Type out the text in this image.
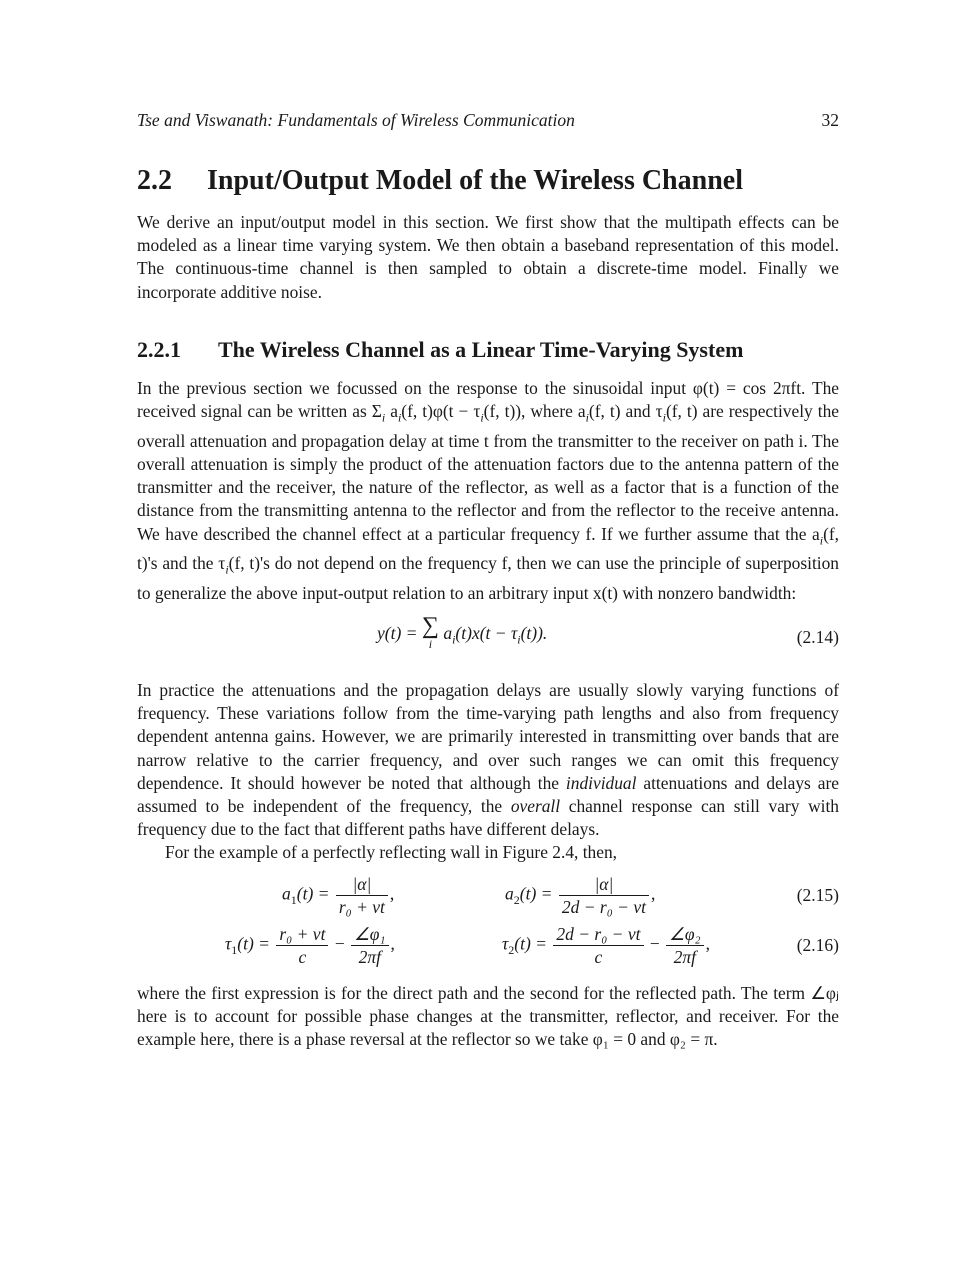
Tse and Viswanath: Fundamentals of Wireless Communication	32
2.2	Input/Output Model of the Wireless Channel

We derive an input/output model in this section. We first show that the multipath effects can be modeled as a linear time varying system. We then obtain a baseband representation of this model. The continuous-time channel is then sampled to obtain a discrete-time model. Finally we incorporate additive noise.

2.2.1	The Wireless Channel as a Linear Time-Varying System

In the previous section we focussed on the response to the sinusoidal input φ(t) = cos 2πft. The received signal can be written as $\Sigma_i$ $a_i(f$, $t)\varphi(t - \tau_i(f$, t)), where $a_i(f$, t) and $\tau_i(f$, t) are respectively the overall attenuation and propagation delay at time t from the transmitter to the receiver on path i. The overall attenuation is simply the product of the attenuation factors due to the antenna pattern of the transmitter and the receiver, the nature of the reflector, as well as a factor that is a function of the distance from the transmitting antenna to the reflector and from the reflector to the receive antenna. We have described the channel effect at a particular frequency f. If we further assume that the $a_i(f$, t)'s and the $\tau_i(f$, t)'s do not depend on the frequency f, then we can use the principle of superposition to generalize the above input-output relation to an arbitrary input x(t) with nonzero bandwidth:

y(t) = ∑
i
$a_i(t)x(t - \tau_i(t))$.	(2.14)

In practice the attenuations and the propagation delays are usually slowly varying functions of frequency. These variations follow from the time-varying path lengths and also from frequency dependent antenna gains. However, we are primarily interested in transmitting over bands that are narrow relative to the carrier frequency, and over such ranges we can omit this frequency dependence. It should however be noted that although the individual attenuations and delays are assumed to be independent of the frequency, the overall channel response can still vary with frequency due to the fact that different paths have different delays.

For the example of a perfectly reflecting wall in Figure 2.4, then,

$a_1(t) = \frac{|\alpha|}{\text{r₀ + vt}}$ ,	$a_2(t) = \frac{|\alpha|}{\text{2d − r₀ − vt}}$ ,	(2.15)
$\tau_1(t) = \frac{\text{r₀ + vt}}{c} - \frac{\text{∠φ₁}}{2\pi f}$ ,	$\tau_2(t) = \frac{\text{2d − r₀ − vt}}{c} - \frac{\text{∠φ₂}}{2\pi f}$ ,	(2.16)

where the first expression is for the direct path and the second for the reflected path. The term ∠φⱼ here is to account for possible phase changes at the transmitter, reflector, and receiver. For the example here, there is a phase reversal at the reflector so we take φ₁ = 0 and φ₂ = π.
